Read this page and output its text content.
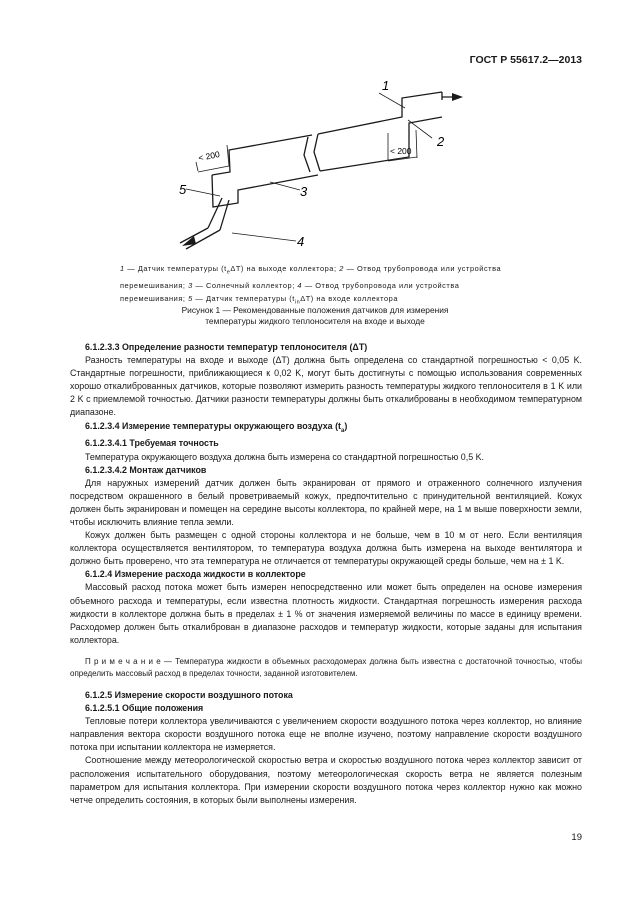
ГОСТ Р 55617.2—2013
1
2
3
4
5
< 200	< 200
1 — Датчик температуры $(t_e\Delta T)$ на выходе коллектора; 2 — Отвод трубопровода или устройства перемешивания; 3 — Солнечный коллектор; 4 — Отвод трубопровода или устройства перемешивания; 5 — Датчик температуры $(t_{in}\Delta T)$ на входе коллектора
Рисунок 1 — Рекомендованные положения датчиков для измерения
температуры жидкого теплоносителя на входе и выходе

6.1.2.3.3 Определение разности температур теплоносителя (ΔT)

Разность температуры на входе и выходе (ΔT) должна быть определена со стандартной погрешностью < 0,05 K. Стандартные погрешности, приближающиеся к 0,02 K, могут быть достигнуты с помощью использования современных хорошо откалиброванных датчиков, которые позволяют измерить разность температуры жидкого теплоносителя в 1 K или 2 K с приемлемой точностью. Датчики разности температуры должны быть откалиброваны в необходимом температурном диапазоне.

6.1.2.3.4 Измерение температуры окружающего воздуха $(t_a)$

6.1.2.3.4.1 Требуемая точность

Температура окружающего воздуха должна быть измерена со стандартной погрешностью 0,5 K.

6.1.2.3.4.2 Монтаж датчиков

Для наружных измерений датчик должен быть экранирован от прямого и отраженного солнечного излучения посредством окрашенного в белый проветриваемый кожух, предпочтительно с принудительной вентиляцией. Кожух должен быть экранирован и помещен на середине высоты коллектора, по крайней мере, на 1 м выше поверхности земли, чтобы исключить влияние тепла земли.

Кожух должен быть размещен с одной стороны коллектора и не больше, чем в 10 м от него. Если вентиляция коллектора осуществляется вентилятором, то температура воздуха должна быть измерена на выходе вентилятора и должно быть проверено, что эта температура не отличается от температуры окружающей среды больше, чем на ± 1 K.

6.1.2.4 Измерение расхода жидкости в коллекторе

Массовый расход потока может быть измерен непосредственно или может быть определен на основе измерения объемного расхода и температуры, если известна плотность жидкости. Стандартная погрешность измерения расхода жидкости в коллекторе должна быть в пределах ± 1 % от значения измеряемой величины по массе в единицу времени. Расходомер должен быть откалиброван в диапазоне расходов и температур жидкости, которые заданы для испытания коллектора.

П р и м е ч а н и е — Температура жидкости в объемных расходомерах должна быть известна с достаточной точностью, чтобы определить массовый расход в пределах точности, заданной изготовителем.

6.1.2.5 Измерение скорости воздушного потока

6.1.2.5.1 Общие положения

Тепловые потери коллектора увеличиваются с увеличением скорости воздушного потока через коллектор, но влияние направления вектора скорости воздушного потока еще не вполне изучено, поэтому направление скорости воздушного потока при испытании коллектора не измеряется.

Соотношение между метеорологической скоростью ветра и скоростью воздушного потока через коллектор зависит от расположения испытательного оборудования, поэтому метеорологическая скорость ветра не является полезным параметром для испытания коллектора. При измерении скорости воздушного потока через коллектор нужно как можно четче определить состояния, в которых были выполнены измерения.

19
